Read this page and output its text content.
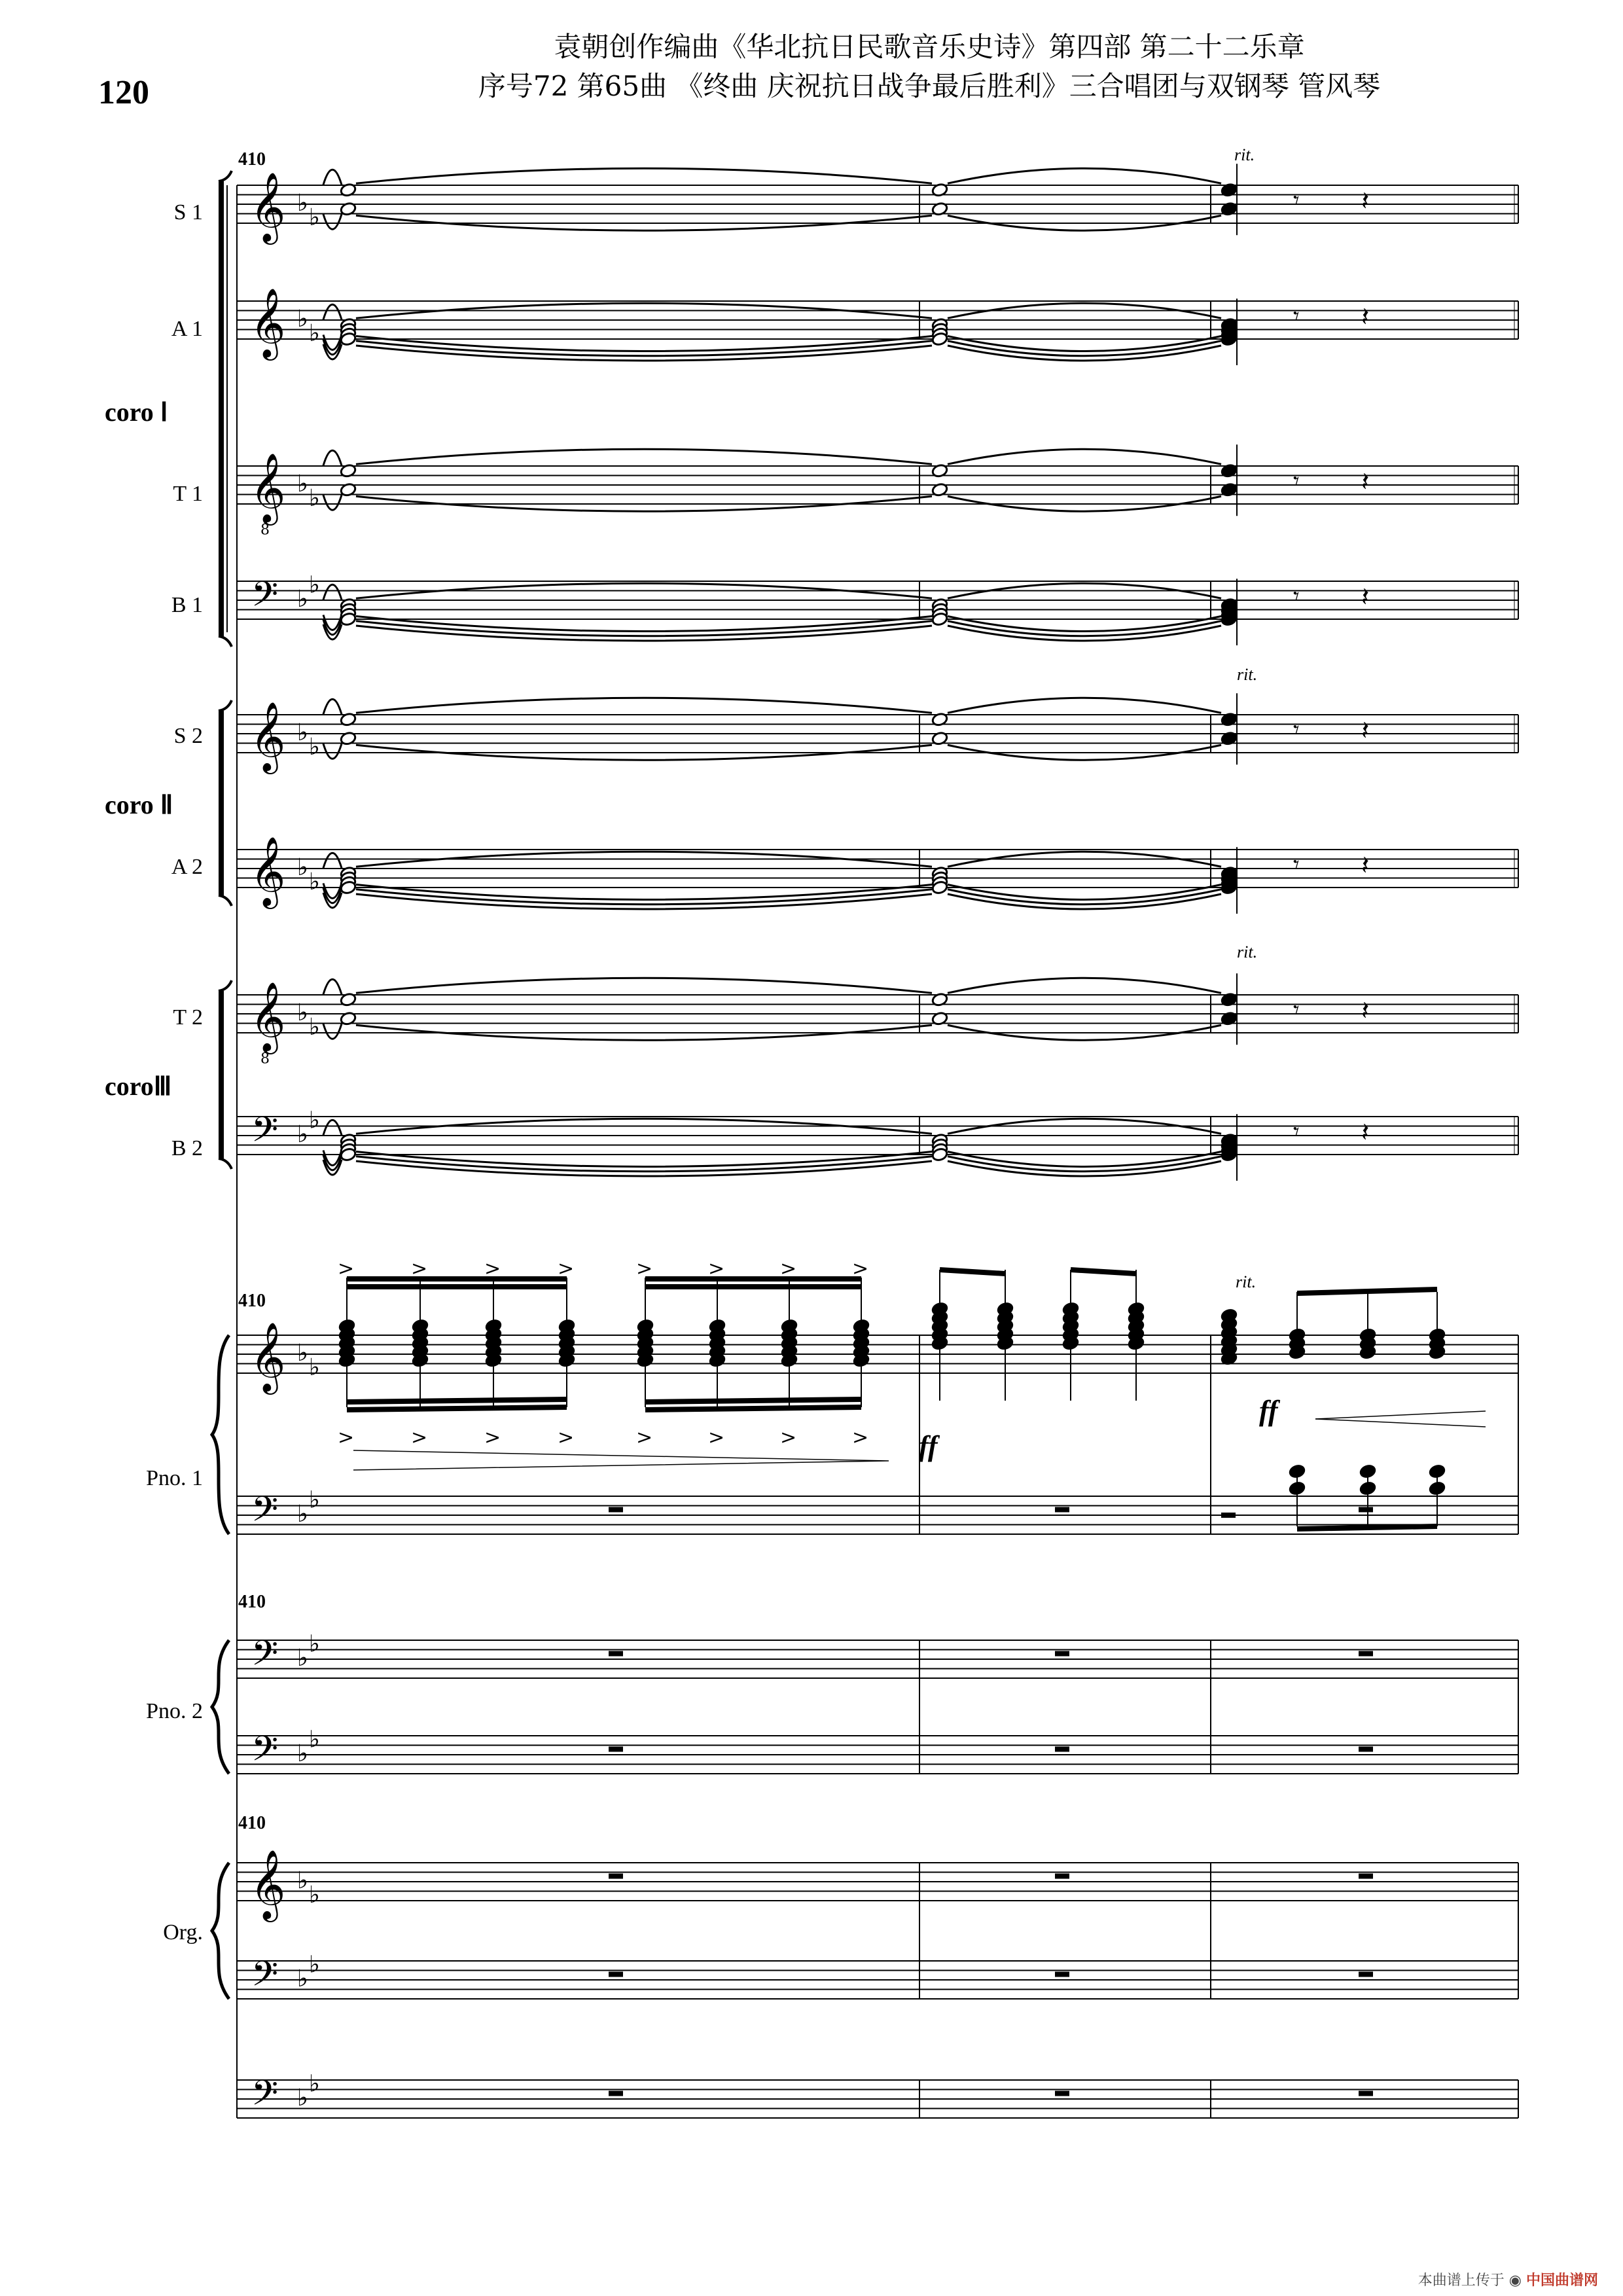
120
袁朝创作编曲《华北抗日民歌音乐史诗》第四部 第二十二乐章
序号72 第65曲 《终曲 庆祝抗日战争最后胜利》三合唱团与双钢琴 管风琴
S 1
A 1
coro Ⅰ
T 1
B 1
S 2
coro Ⅱ
A 2
T 2
coroⅢ
B 2
Pno. 1
Pno. 2
Org.
410
410
410
410
rit.
rit.
rit.
rit.
ff
ff
𝄞 ♭
♭
𝄞 ♭
♭
𝄞
8
♭
♭
𝄢 ♭
♭
𝄞 ♭
♭
𝄞 ♭
♭
𝄞
8
♭
♭
𝄢 ♭
♭
𝄞 ♭
♭
𝄢 ♭
♭
𝄢 ♭
♭
𝄢 ♭
♭
𝄞 ♭
♭
𝄢 ♭
♭
𝄢 ♭
♭
𝄾 𝄽
𝄾 𝄽
𝄾 𝄽
𝄾 𝄽
𝄾 𝄽
𝄾 𝄽
𝄾 𝄽
𝄾 𝄽
>
>
>
>
>
>
>
>
>
>
>
>
>
>
>
>
本曲谱上传于 ◉ 中国曲谱网
